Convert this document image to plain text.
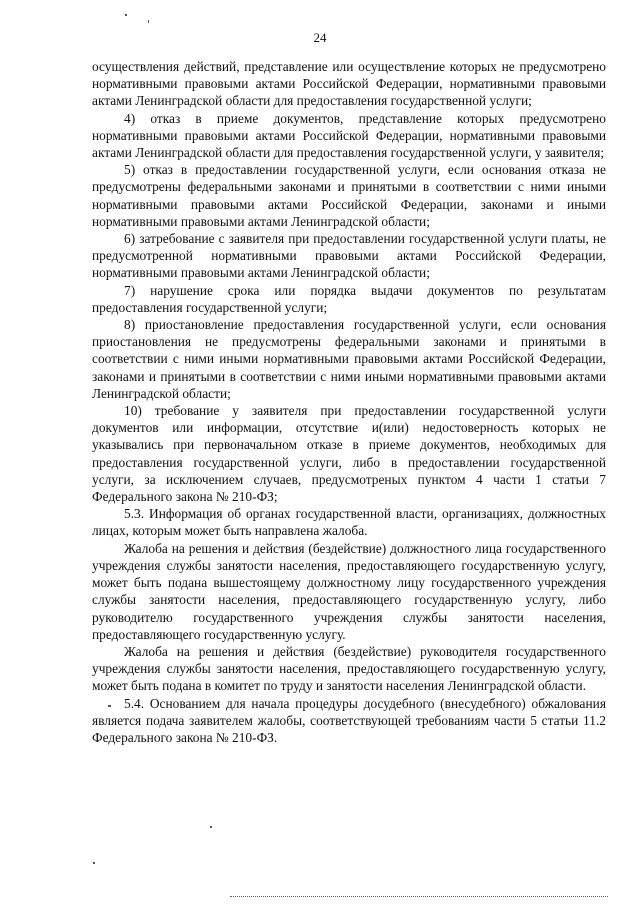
24

осуществления действий, представление или осуществление которых не предусмотрено нормативными правовыми актами Российской Федерации, нормативными правовыми актами Ленинградской области для предоставления государственной услуги;

4) отказ в приеме документов, представление которых предусмотрено нормативными правовыми актами Российской Федерации, нормативными правовыми актами Ленинградской области для предоставления государственной услуги, у заявителя;

5) отказ в предоставлении государственной услуги, если основания отказа не предусмотрены федеральными законами и принятыми в соответствии с ними иными нормативными правовыми актами Российской Федерации, законами и иными нормативными правовыми актами Ленинградской области;

6) затребование с заявителя при предоставлении государственной услуги платы, не предусмотренной нормативными правовыми актами Российской Федерации, нормативными правовыми актами Ленинградской области;

7) нарушение срока или порядка выдачи документов по результатам предоставления государственной услуги;

8) приостановление предоставления государственной услуги, если основания приостановления не предусмотрены федеральными законами и принятыми в соответствии с ними иными нормативными правовыми актами Российской Федерации, законами и принятыми в соответствии с ними иными нормативными правовыми актами Ленинградской области;

10) требование у заявителя при предоставлении государственной услуги документов или информации, отсутствие и(или) недостоверность которых не указывались при первоначальном отказе в приеме документов, необходимых для предоставления государственной услуги, либо в предоставлении государственной услуги, за исключением случаев, предусмотреных пунктом 4 части 1 статьи 7 Федерального закона № 210-ФЗ;

5.3. Информация об органах государственной власти, организациях, должностных лицах, которым может быть направлена жалоба.

Жалоба на решения и действия (бездействие) должностного лица государственного учреждения службы занятости населения, предоставляющего государственную услугу, может быть подана вышестоящему должностному лицу государственного учреждения службы занятости населения, предоставляющего государственную услугу, либо руководителю государственного учреждения службы занятости населения, предоставляющего государственную услугу.

Жалоба на решения и действия (бездействие) руководителя государственного учреждения службы занятости населения, предоставляющего государственную услугу, может быть подана в комитет по труду и занятости населения Ленинградской области.

5.4. Основанием для начала процедуры досудебного (внесудебного) обжалования является подача заявителем жалобы, соответствующей требованиям части 5 статьи 11.2 Федерального закона № 210-ФЗ.
